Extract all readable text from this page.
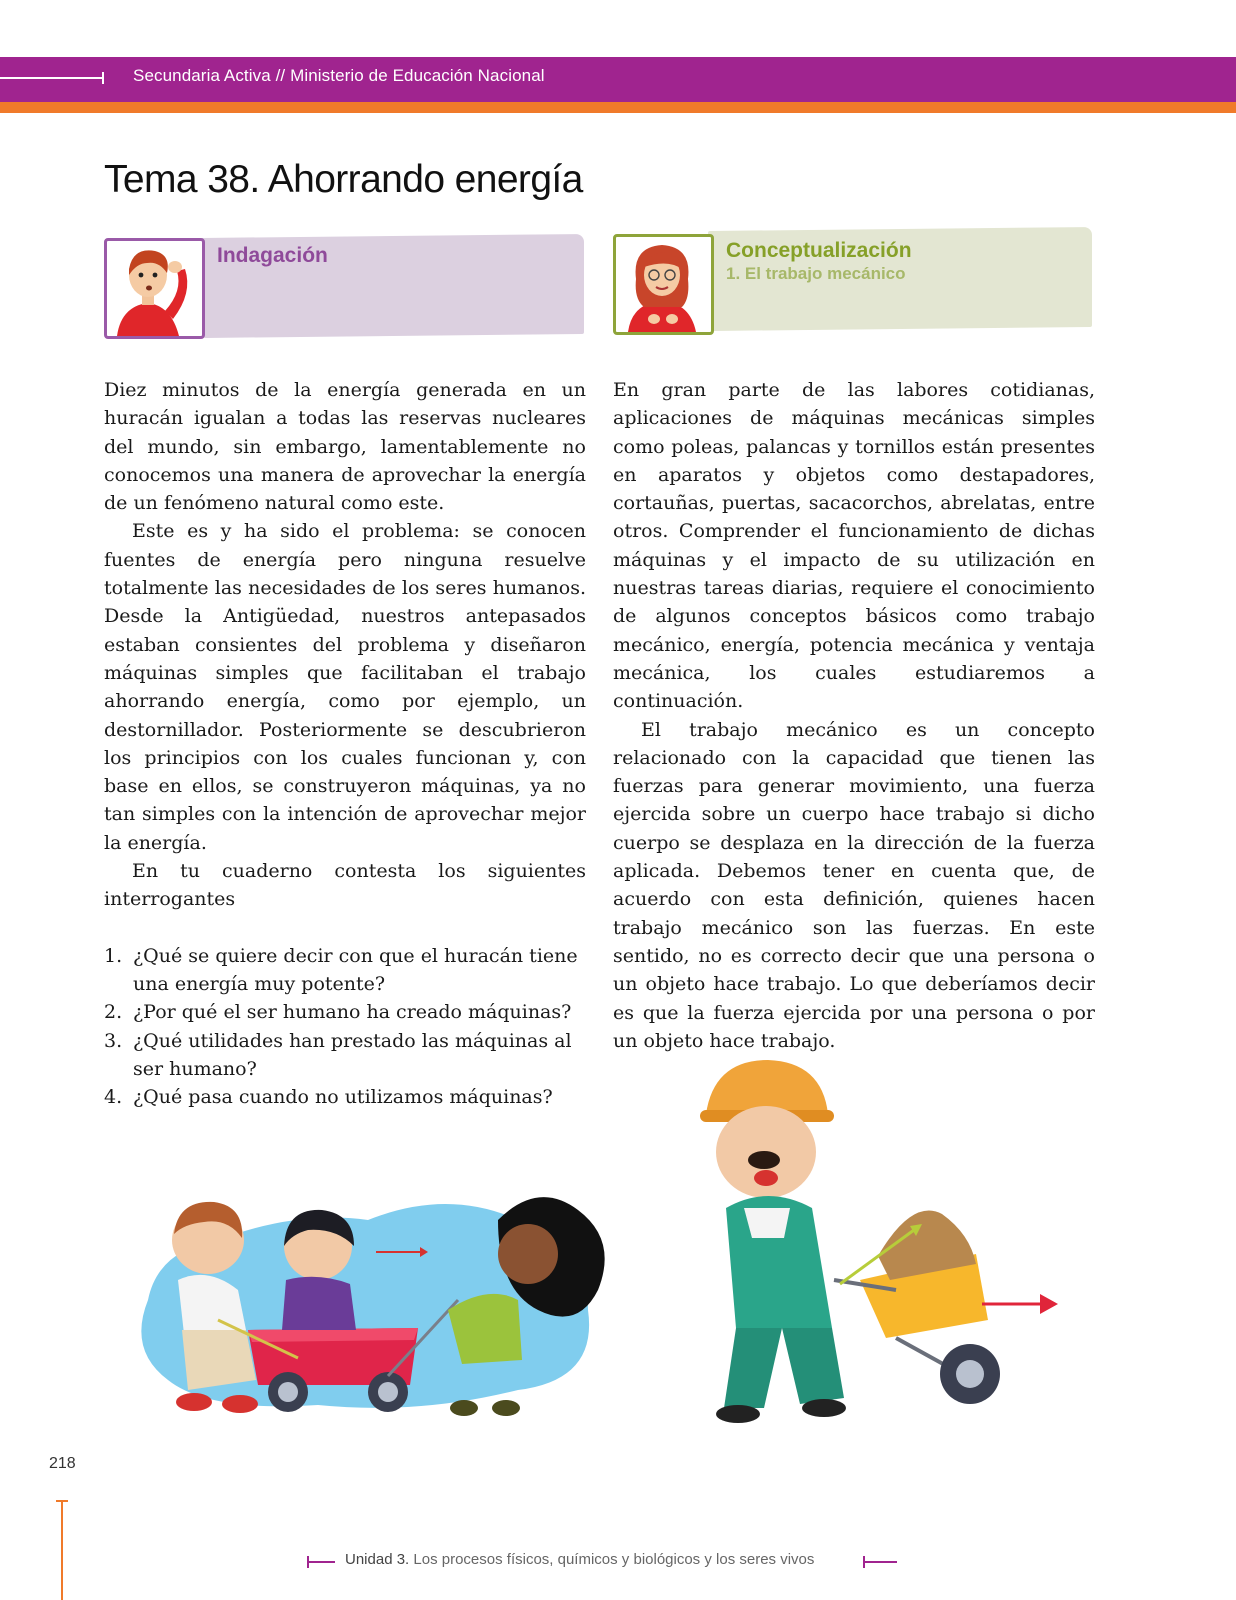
Secundaria Activa // Ministerio de Educación Nacional
Tema 38. Ahorrando energía
Indagación	Conceptualización
1. El trabajo mecánico

Diez minutos de la energía generada en un huracán igualan a todas las reservas nucleares del mundo, sin embargo, lamentablemente no conocemos una manera de aprovechar la energía de un fenómeno natural como este.

Este es y ha sido el problema: se conocen fuentes de energía pero ninguna resuelve totalmente las necesidades de los seres humanos. Desde la Antigüedad, nuestros antepasados estaban consientes del problema y diseñaron máquinas simples que facilitaban el trabajo ahorrando energía, como por ejemplo, un destornillador. Posteriormente se descubrieron los principios con los cuales funcionan y, con base en ellos, se construyeron máquinas, ya no tan simples con la intención de aprovechar mejor la energía.

En tu cuaderno contesta los siguientes interrogantes

1. ¿Qué se quiere decir con que el huracán tiene una energía muy potente?
2. ¿Por qué el ser humano ha creado máquinas?
3. ¿Qué utilidades han prestado las máquinas al ser humano?
4. ¿Qué pasa cuando no utilizamos máquinas?

En gran parte de las labores cotidianas, aplicaciones de máquinas mecánicas simples como poleas, palancas y tornillos están presentes en aparatos y objetos como destapadores, cortauñas, puertas, sacacorchos, abrelatas, entre otros. Comprender el funcionamiento de dichas máquinas y el impacto de su utilización en nuestras tareas diarias, requiere el conocimiento de algunos conceptos básicos como trabajo mecánico, energía, potencia mecánica y ventaja mecánica, los cuales estudiaremos a continuación.

El trabajo mecánico es un concepto relacionado con la capacidad que tienen las fuerzas para generar movimiento, una fuerza ejercida sobre un cuerpo hace trabajo si dicho cuerpo se desplaza en la dirección de la fuerza aplicada. Debemos tener en cuenta que, de acuerdo con esta definición, quienes hacen trabajo mecánico son las fuerzas. En este sentido, no es correcto decir que una persona o un objeto hace trabajo. Lo que deberíamos decir es que la fuerza ejercida por una persona o por un objeto hace trabajo.

218
Unidad 3. Los procesos físicos, químicos y biológicos y los seres vivos
